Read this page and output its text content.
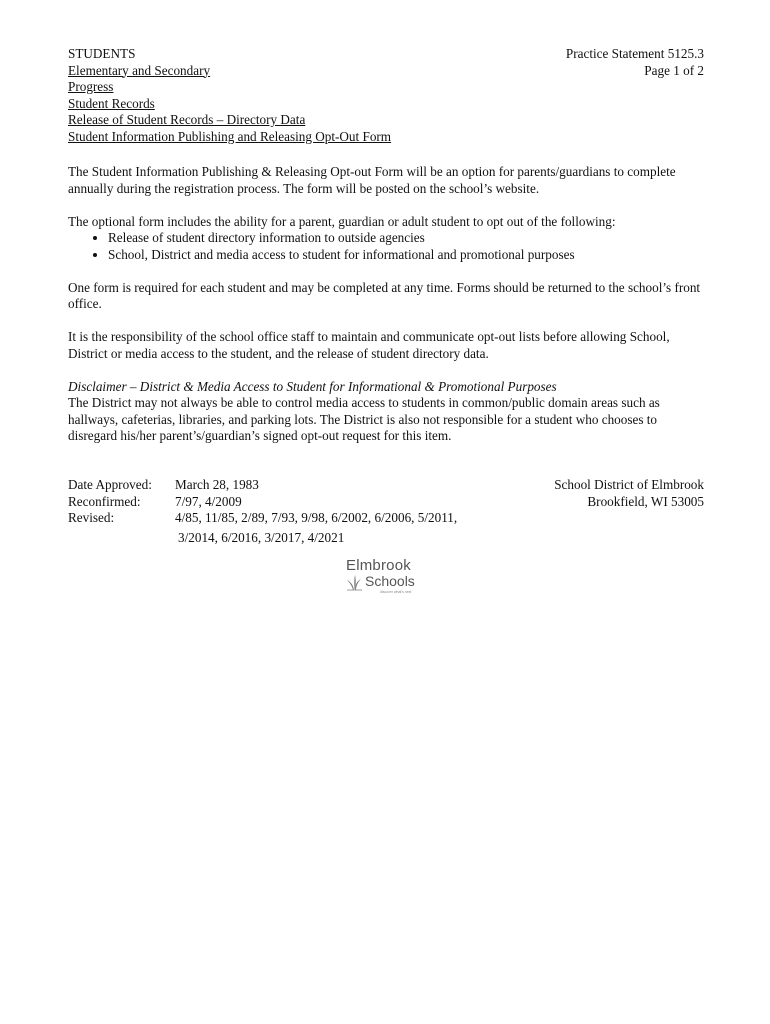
STUDENTS
Elementary and Secondary
Progress
Student Records
Release of Student Records – Directory Data
Student Information Publishing and Releasing Opt-Out Form
Practice Statement 5125.3
Page 1 of 2

The Student Information Publishing & Releasing Opt-out Form will be an option for parents/guardians to complete annually during the registration process. The form will be posted on the school’s website.

The optional form includes the ability for a parent, guardian or adult student to opt out of the following:

• Release of student directory information to outside agencies
• School, District and media access to student for informational and promotional purposes

One form is required for each student and may be completed at any time. Forms should be returned to the school’s front office.

It is the responsibility of the school office staff to maintain and communicate opt-out lists before allowing School, District or media access to the student, and the release of student directory data.

Disclaimer – District & Media Access to Student for Informational & Promotional Purposes
The District may not always be able to control media access to students in common/public domain areas such as hallways, cafeterias, libraries, and parking lots. The District is also not responsible for a student who chooses to disregard his/her parent’s/guardian’s signed opt-out request for this item.
Date Approved:	March 28, 1983
Reconfirmed:	7/97, 4/2009
Revised:	4/85, 11/85, 2/89, 7/93, 9/98, 6/2002, 6/2006, 5/2011,
3/2014, 6/2016, 3/2017, 4/2021
School District of Elmbrook
Brookfield, WI 53005
Elmbrook
Schools
discover what's next
